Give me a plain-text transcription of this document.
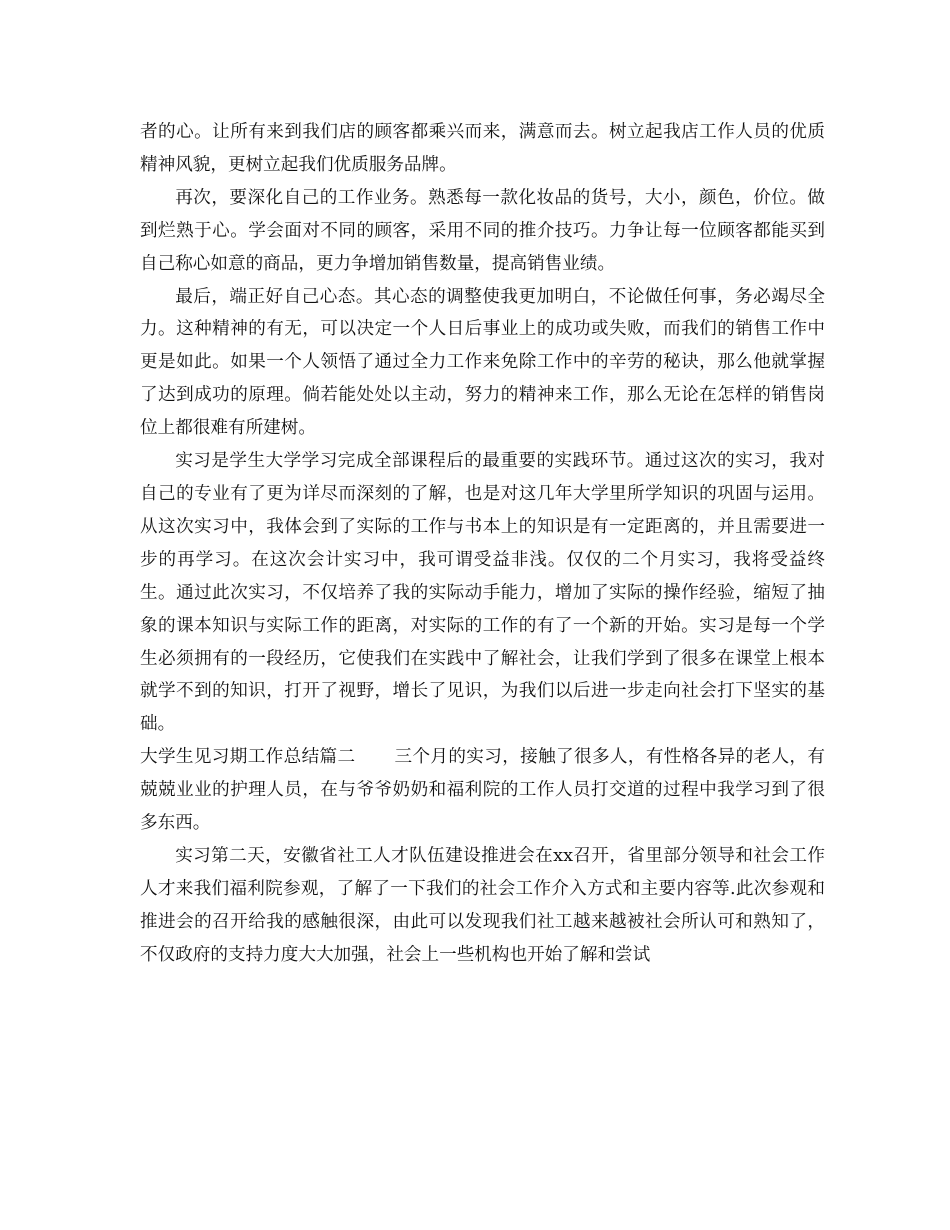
者的心。让所有来到我们店的顾客都乘兴而来，满意而去。树立起我店工作人员的优质精神风貌，更树立起我们优质服务品牌。

再次，要深化自己的工作业务。熟悉每一款化妆品的货号，大小，颜色，价位。做到烂熟于心。学会面对不同的顾客，采用不同的推介技巧。力争让每一位顾客都能买到自己称心如意的商品，更力争增加销售数量，提高销售业绩。

最后，端正好自己心态。其心态的调整使我更加明白，不论做任何事，务必竭尽全力。这种精神的有无，可以决定一个人日后事业上的成功或失败，而我们的销售工作中更是如此。如果一个人领悟了通过全力工作来免除工作中的辛劳的秘诀，那么他就掌握了达到成功的原理。倘若能处处以主动，努力的精神来工作，那么无论在怎样的销售岗位上都很难有所建树。

实习是学生大学学习完成全部课程后的最重要的实践环节。通过这次的实习，我对自己的专业有了更为详尽而深刻的了解，也是对这几年大学里所学知识的巩固与运用。从这次实习中，我体会到了实际的工作与书本上的知识是有一定距离的，并且需要进一步的再学习。在这次会计实习中，我可谓受益非浅。仅仅的二个月实习，我将受益终生。通过此次实习，不仅培养了我的实际动手能力，增加了实际的操作经验，缩短了抽象的课本知识与实际工作的距离，对实际的工作的有了一个新的开始。实习是每一个学生必须拥有的一段经历，它使我们在实践中了解社会，让我们学到了很多在课堂上根本就学不到的知识，打开了视野，增长了见识，为我们以后进一步走向社会打下坚实的基础。

大学生见习期工作总结篇二 三个月的实习，接触了很多人，有性格各异的老人，有兢兢业业的护理人员，在与爷爷奶奶和福利院的工作人员打交道的过程中我学习到了很多东西。

实习第二天，安徽省社工人才队伍建设推进会在xx召开，省里部分领导和社会工作人才来我们福利院参观，了解了一下我们的社会工作介入方式和主要内容等.此次参观和推进会的召开给我的感触很深，由此可以发现我们社工越来越被社会所认可和熟知了，不仅政府的支持力度大大加强，社会上一些机构也开始了解和尝试
